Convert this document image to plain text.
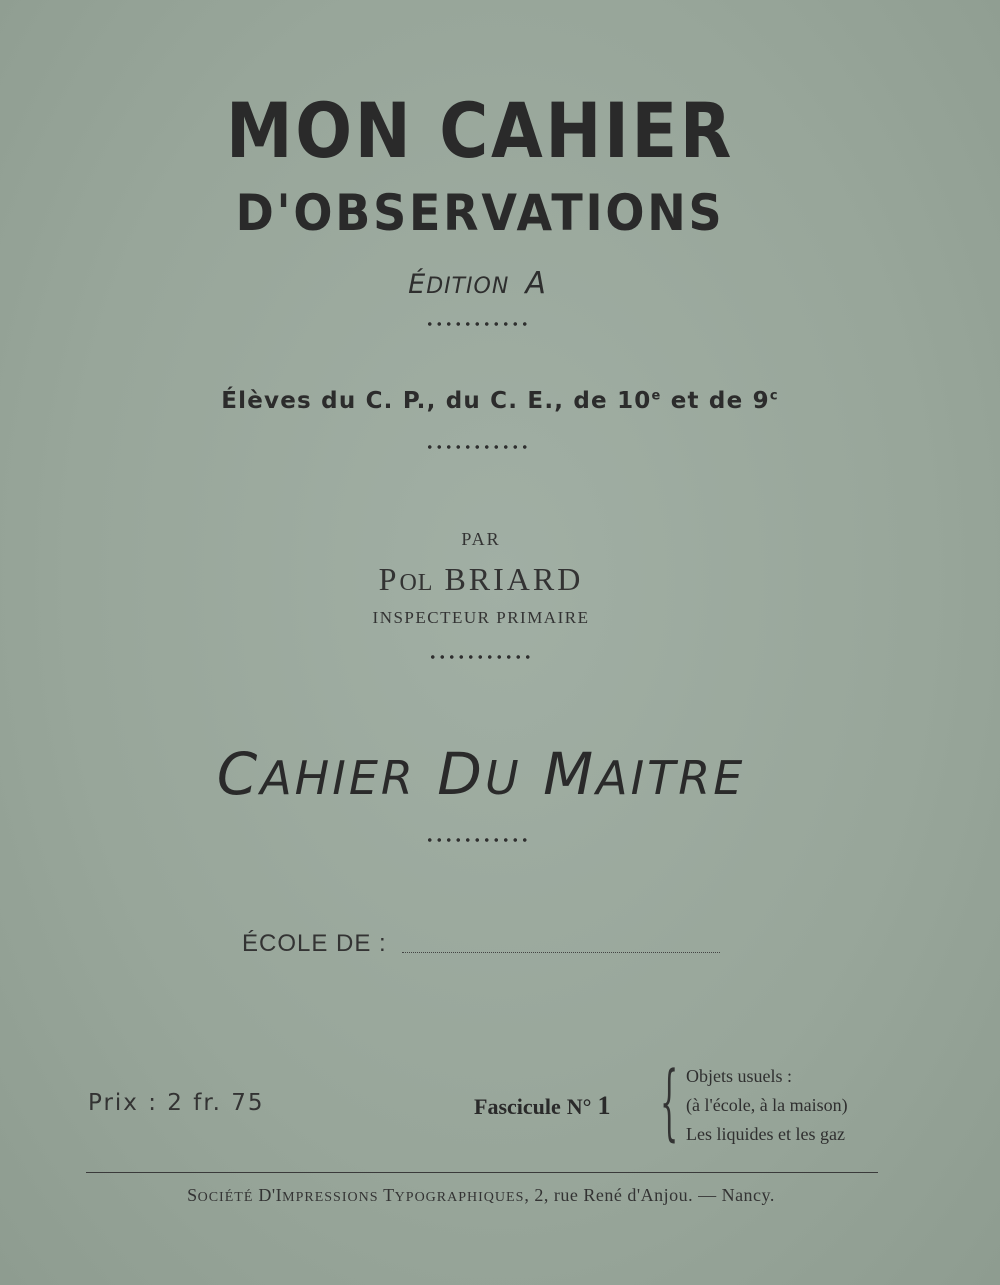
MON CAHIER
D'OBSERVATIONS
ÉDITION A
Élèves du C. P., du C. E., de 10e et de 9$^c$
PAR
POL BRIARD
INSPECTEUR PRIMAIRE
CAHIER DU MAITRE
ÉCOLE DE :
Prix : 2 fr. 75	Fascicule N° 1 { Objets usuels :
(à l'école, à la maison)
Les liquides et les gaz
SOCIÉTÉ D'IMPRESSIONS TYPOGRAPHIQUES, 2, rue René d'Anjou. — Nancy.
